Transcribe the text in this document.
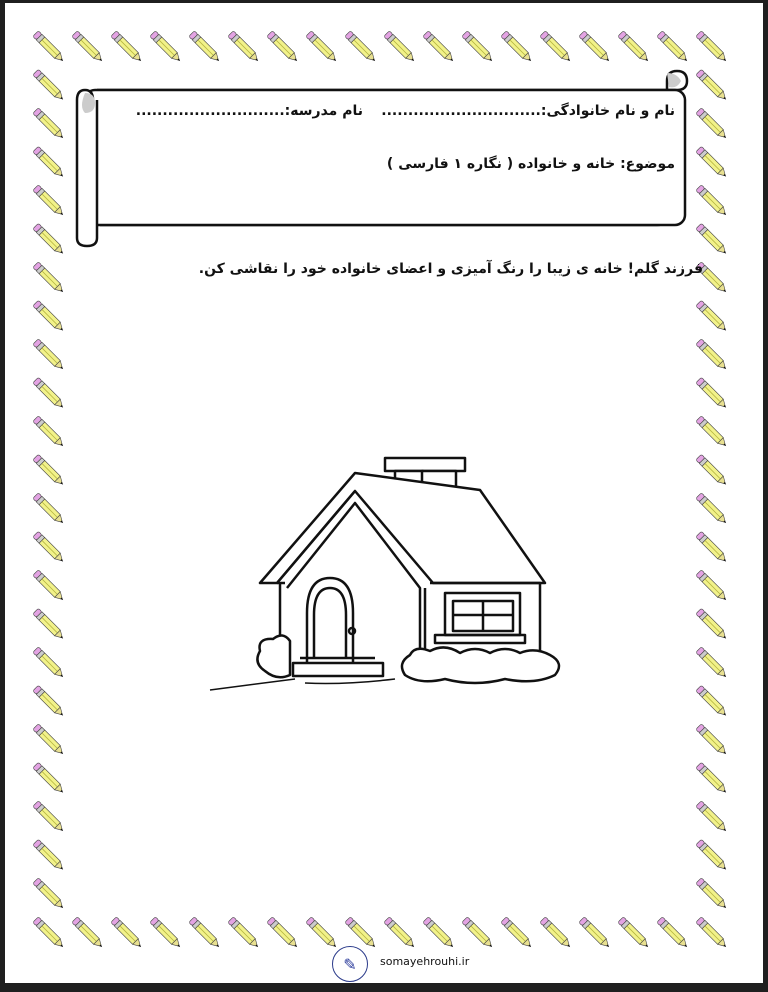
نام و نام خانوادگی:..............................
نام مدرسه:............................
موضوع: خانه و خانواده ( نگاره ۱ فارسی )
فرزند گلم! خانه ی زیبا را رنگ آمیزی و اعضای خانواده خود را نقاشی کن.
✎	somayehrouhi.ir
